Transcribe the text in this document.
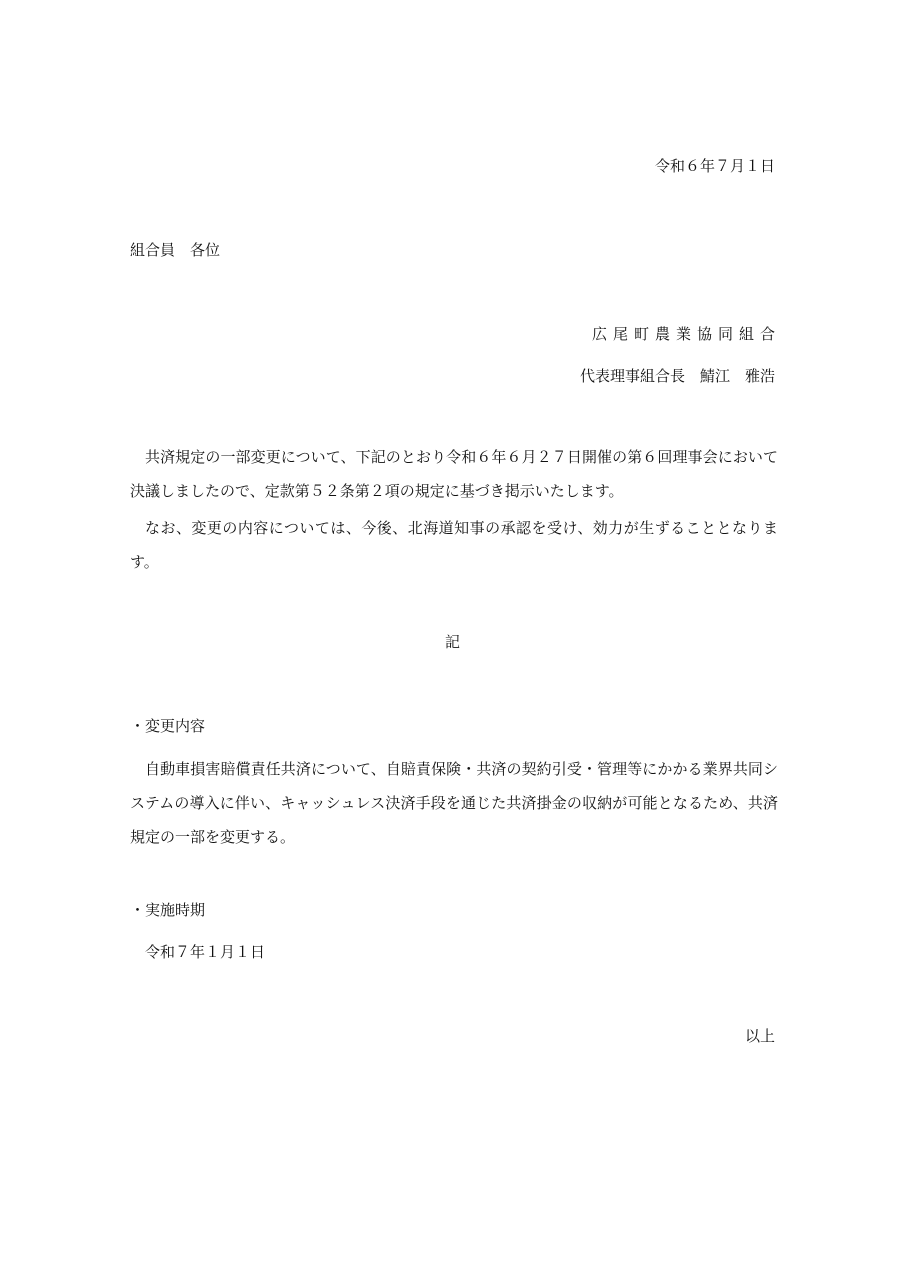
令和６年７月１日

組合員　各位

広尾町農業協同組合

代表理事組合長　鯖江　雅浩

共済規定の一部変更について、下記のとおり令和６年６月２７日開催の第６回理事会において決議しましたので、定款第５２条第２項の規定に基づき掲示いたします。

なお、変更の内容については、今後、北海道知事の承認を受け、効力が生ずることとなります。

記

・変更内容

自動車損害賠償責任共済について、自賠責保険・共済の契約引受・管理等にかかる業界共同システムの導入に伴い、キャッシュレス決済手段を通じた共済掛金の収納が可能となるため、共済規定の一部を変更する。

・実施時期

令和７年１月１日

以上
